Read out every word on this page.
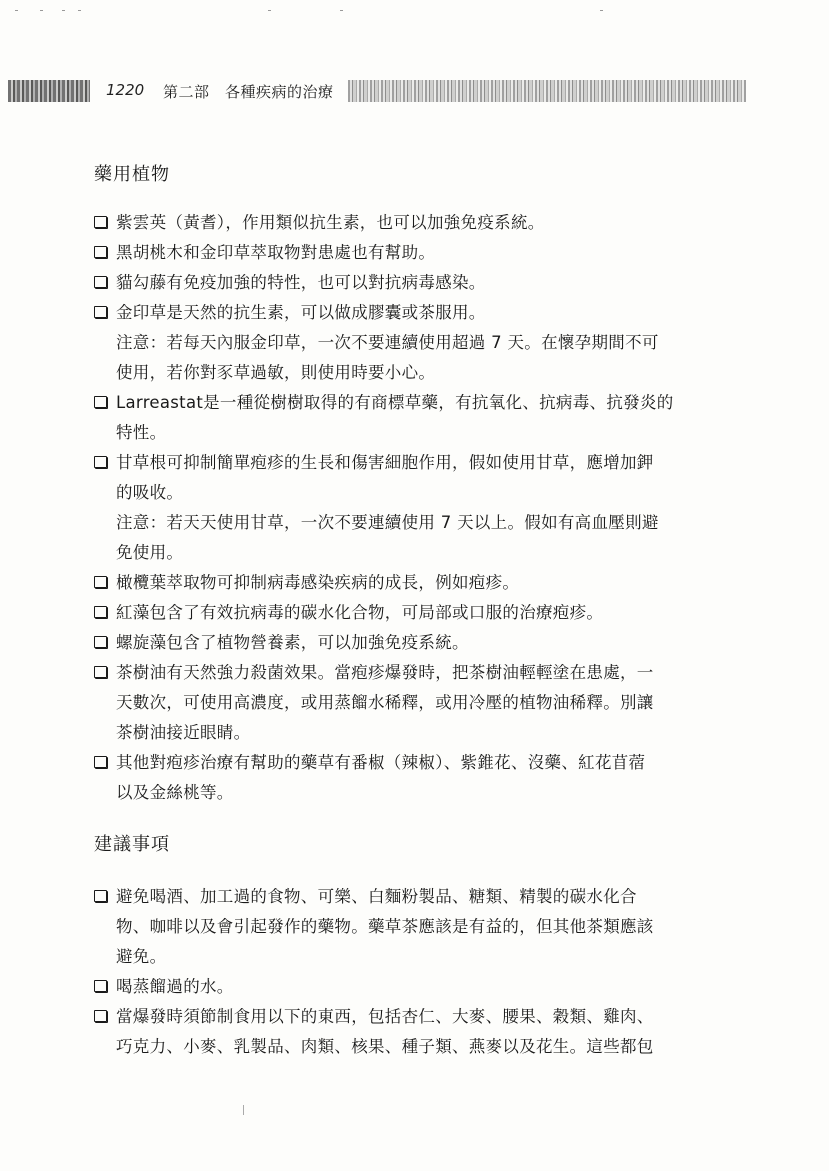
1220 第二部　各種疾病的治療
藥用植物
紫雲英（黃耆），作用類似抗生素，也可以加強免疫系統。
黑胡桃木和金印草萃取物對患處也有幫助。
貓勾藤有免疫加強的特性，也可以對抗病毒感染。
金印草是天然的抗生素，可以做成膠囊或茶服用。
注意：若每天內服金印草，一次不要連續使用超過 7 天。在懷孕期間不可
使用，若你對豕草過敏，則使用時要小心。
Larreastat是一種從樹樹取得的有商標草藥，有抗氧化、抗病毒、抗發炎的
特性。
甘草根可抑制簡單疱疹的生長和傷害細胞作用，假如使用甘草，應增加鉀
的吸收。
注意：若天天使用甘草，一次不要連續使用 7 天以上。假如有高血壓則避
免使用。
橄欖葉萃取物可抑制病毒感染疾病的成長，例如疱疹。
紅藻包含了有效抗病毒的碳水化合物，可局部或口服的治療疱疹。
螺旋藻包含了植物營養素，可以加強免疫系統。
茶樹油有天然強力殺菌效果。當疱疹爆發時，把茶樹油輕輕塗在患處，一
天數次，可使用高濃度，或用蒸餾水稀釋，或用冷壓的植物油稀釋。別讓
茶樹油接近眼睛。
其他對疱疹治療有幫助的藥草有番椒（辣椒）、紫錐花、沒藥、紅花苜蓿
以及金絲桃等。
建議事項
避免喝酒、加工過的食物、可樂、白麵粉製品、糖類、精製的碳水化合
物、咖啡以及會引起發作的藥物。藥草茶應該是有益的，但其他茶類應該
避免。
喝蒸餾過的水。
當爆發時須節制食用以下的東西，包括杏仁、大麥、腰果、穀類、雞肉、
巧克力、小麥、乳製品、肉類、核果、種子類、燕麥以及花生。這些都包
